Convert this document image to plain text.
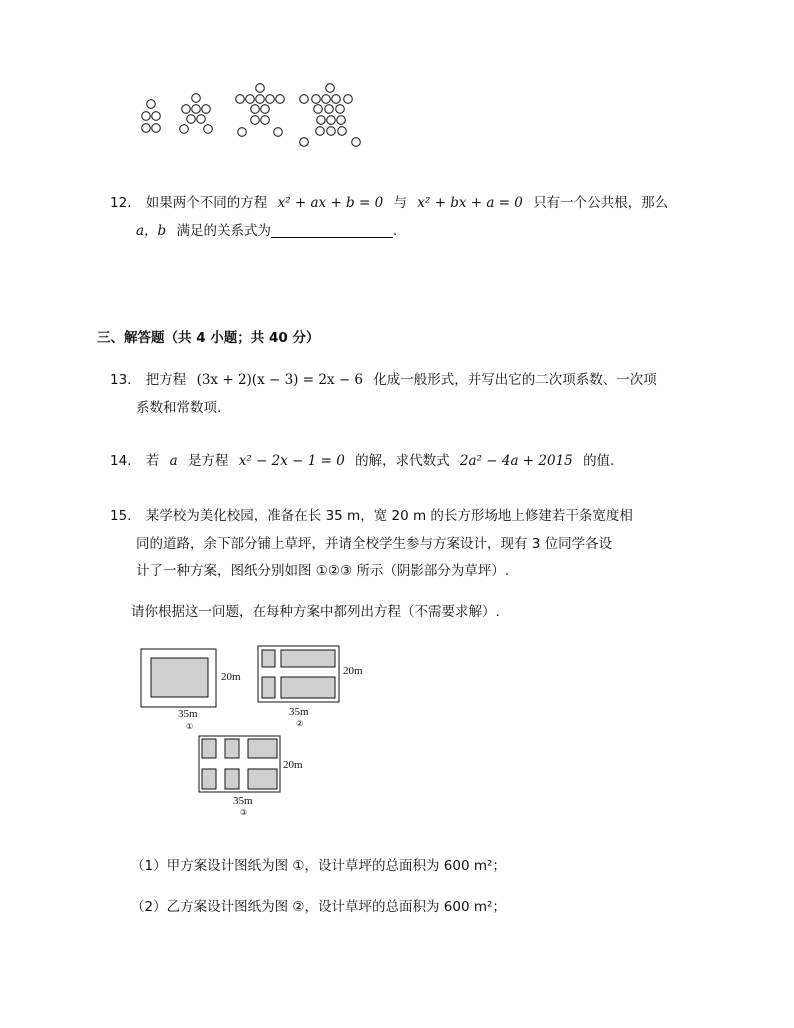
12. 如果两个不同的方程 x² + ax + b = 0 与 x² + bx + a = 0 只有一个公共根，那么
a，b 满足的关系式为	.
三、解答题（共 4 小题；共 40 分）
13. 把方程 (3x + 2)(x − 3) = 2x − 6 化成一般形式，并写出它的二次项系数、一次项
系数和常数项.
14. 若 a 是方程 x² − 2x − 1 = 0 的解，求代数式 2a² − 4a + 2015 的值.
15. 某学校为美化校园，准备在长 35 m，宽 20 m 的长方形场地上修建若干条宽度相
同的道路，余下部分铺上草坪，并请全校学生参与方案设计，现有 3 位同学各设
计了一种方案，图纸分别如图 ①②③ 所示（阴影部分为草坪）.
请你根据这一问题，在每种方案中都列出方程（不需要求解）.
20m
35m
①
20m
35m
②
20m
35m
③
（1）甲方案设计图纸为图 ①，设计草坪的总面积为 600 m²；
（2）乙方案设计图纸为图 ②，设计草坪的总面积为 600 m²；
